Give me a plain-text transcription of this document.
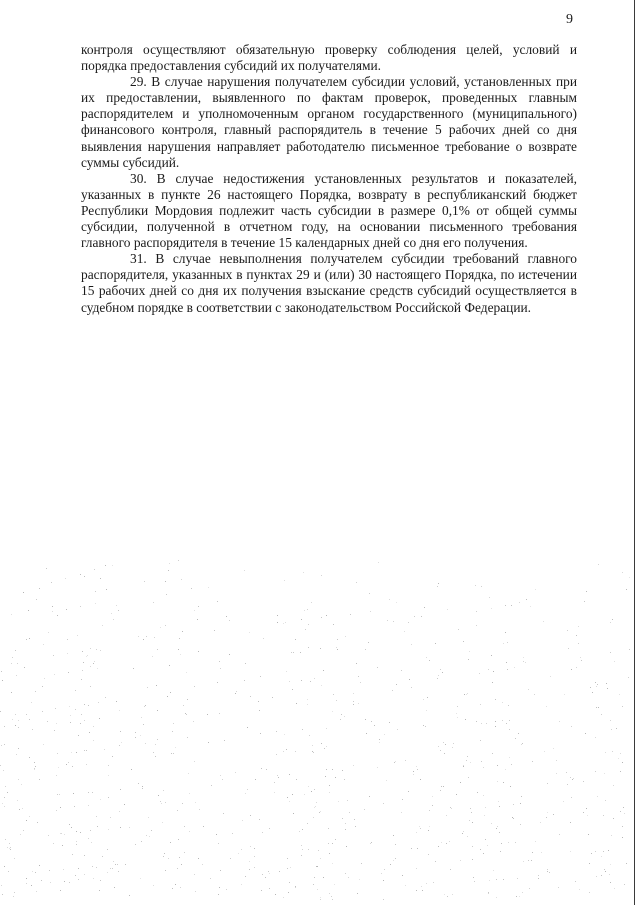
9

контроля осуществляют обязательную проверку соблюдения целей, условий и порядка предоставления субсидий их получателями.

29. В случае нарушения получателем субсидии условий, установленных при их предоставлении, выявленного по фактам проверок, проведенных главным распорядителем и уполномоченным органом государственного (муниципального) финансового контроля, главный распорядитель в течение 5 рабочих дней со дня выявления нарушения направляет работодателю письменное требование о возврате суммы субсидий.

30. В случае недостижения установленных результатов и показателей, указанных в пункте 26 настоящего Порядка, возврату в республиканский бюджет Республики Мордовия подлежит часть субсидии в размере 0,1% от общей суммы субсидии, полученной в отчетном году, на основании письменного требования главного распорядителя в течение 15 календарных дней со дня его получения.

31. В случае невыполнения получателем субсидии требований главного распорядителя, указанных в пунктах 29 и (или) 30 настоящего Порядка, по истечении 15 рабочих дней со дня их получения взыскание средств субсидий осуществляется в судебном порядке в соответствии с законодательством Российской Федерации.
